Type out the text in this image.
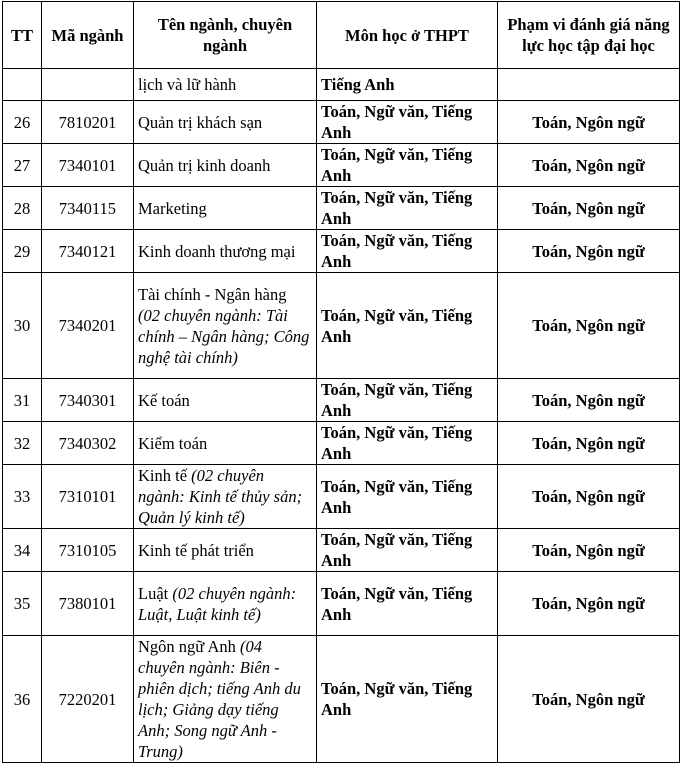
TT	Mã ngành	Tên ngành, chuyên ngành	Môn học ở THPT	Phạm vi đánh giá năng lực học tập đại học
		lịch và lữ hành	Tiếng Anh	
26	7810201	Quản trị khách sạn	Toán, Ngữ văn, Tiếng Anh	Toán, Ngôn ngữ
27	7340101	Quản trị kinh doanh	Toán, Ngữ văn, Tiếng Anh	Toán, Ngôn ngữ
28	7340115	Marketing	Toán, Ngữ văn, Tiếng Anh	Toán, Ngôn ngữ
29	7340121	Kinh doanh thương mại	Toán, Ngữ văn, Tiếng Anh	Toán, Ngôn ngữ
30	7340201	Tài chính - Ngân hàng (02 chuyên ngành: Tài chính – Ngân hàng; Công nghệ tài chính)	Toán, Ngữ văn, Tiếng Anh	Toán, Ngôn ngữ
31	7340301	Kế toán	Toán, Ngữ văn, Tiếng Anh	Toán, Ngôn ngữ
32	7340302	Kiểm toán	Toán, Ngữ văn, Tiếng Anh	Toán, Ngôn ngữ
33	7310101	Kinh tế (02 chuyên ngành: Kinh tế thủy sản; Quản lý kinh tế)	Toán, Ngữ văn, Tiếng Anh	Toán, Ngôn ngữ
34	7310105	Kinh tế phát triển	Toán, Ngữ văn, Tiếng Anh	Toán, Ngôn ngữ
35	7380101	Luật (02 chuyên ngành: Luật, Luật kinh tế)	Toán, Ngữ văn, Tiếng Anh	Toán, Ngôn ngữ
36	7220201	Ngôn ngữ Anh (04 chuyên ngành: Biên - phiên dịch; tiếng Anh du lịch; Giảng dạy tiếng Anh; Song ngữ Anh - Trung)	Toán, Ngữ văn, Tiếng Anh	Toán, Ngôn ngữ
